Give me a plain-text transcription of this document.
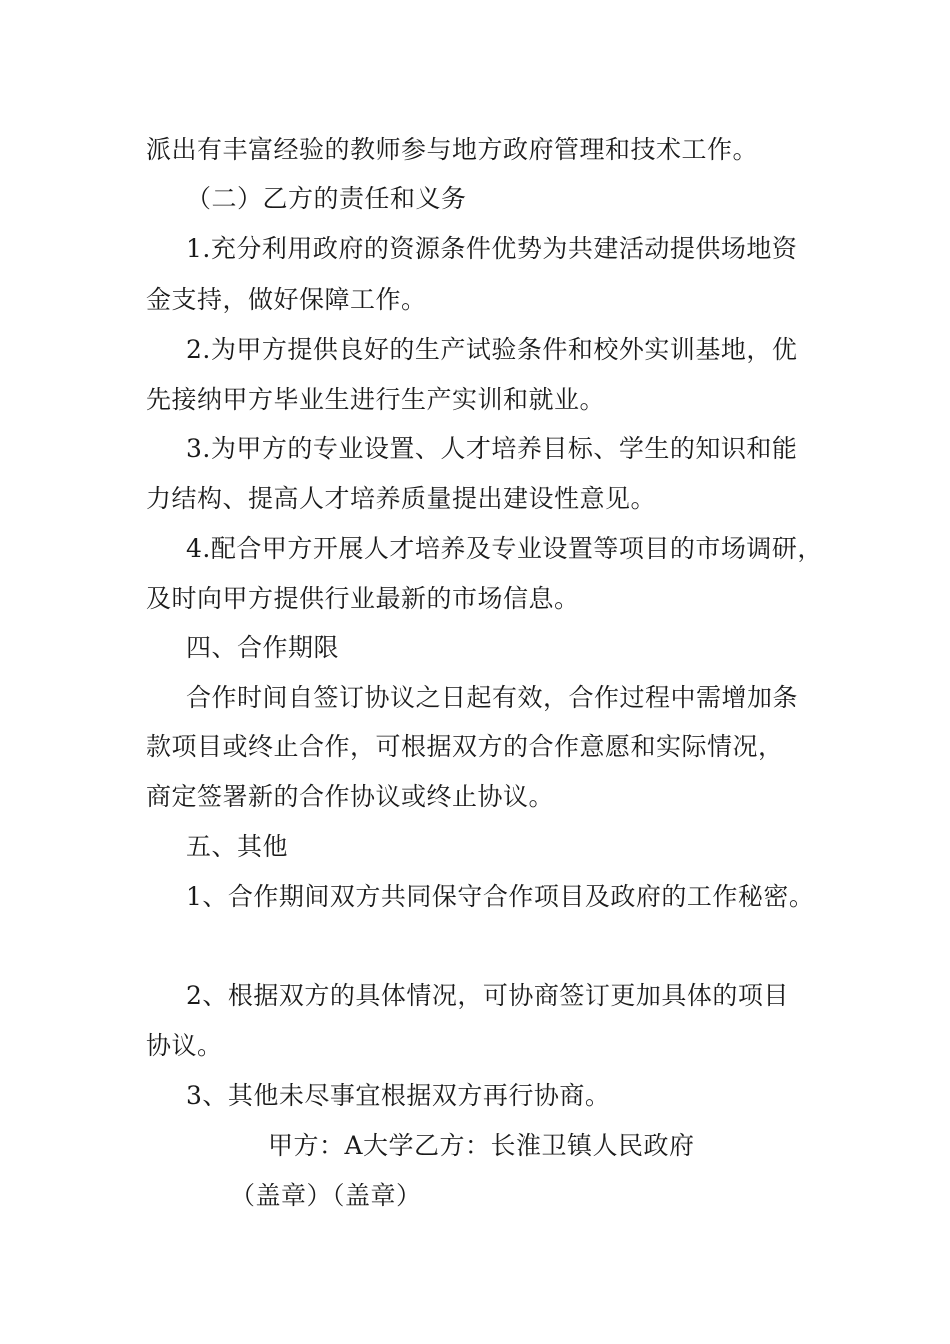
派出有丰富经验的教师参与地方政府管理和技术工作。
（二）乙方的责任和义务
1.充分利用政府的资源条件优势为共建活动提供场地资
金支持，做好保障工作。
2.为甲方提供良好的生产试验条件和校外实训基地，优
先接纳甲方毕业生进行生产实训和就业。
3.为甲方的专业设置、人才培养目标、学生的知识和能
力结构、提高人才培养质量提出建设性意见。
4.配合甲方开展人才培养及专业设置等项目的市场调研，
及时向甲方提供行业最新的市场信息。
四、合作期限
合作时间自签订协议之日起有效，合作过程中需增加条
款项目或终止合作，可根据双方的合作意愿和实际情况，
商定签署新的合作协议或终止协议。
五、其他
1、合作期间双方共同保守合作项目及政府的工作秘密。
2、根据双方的具体情况，可协商签订更加具体的项目
协议。
3、其他未尽事宜根据双方再行协商。
甲方：A大学乙方：长淮卫镇人民政府
（盖章）（盖章）
